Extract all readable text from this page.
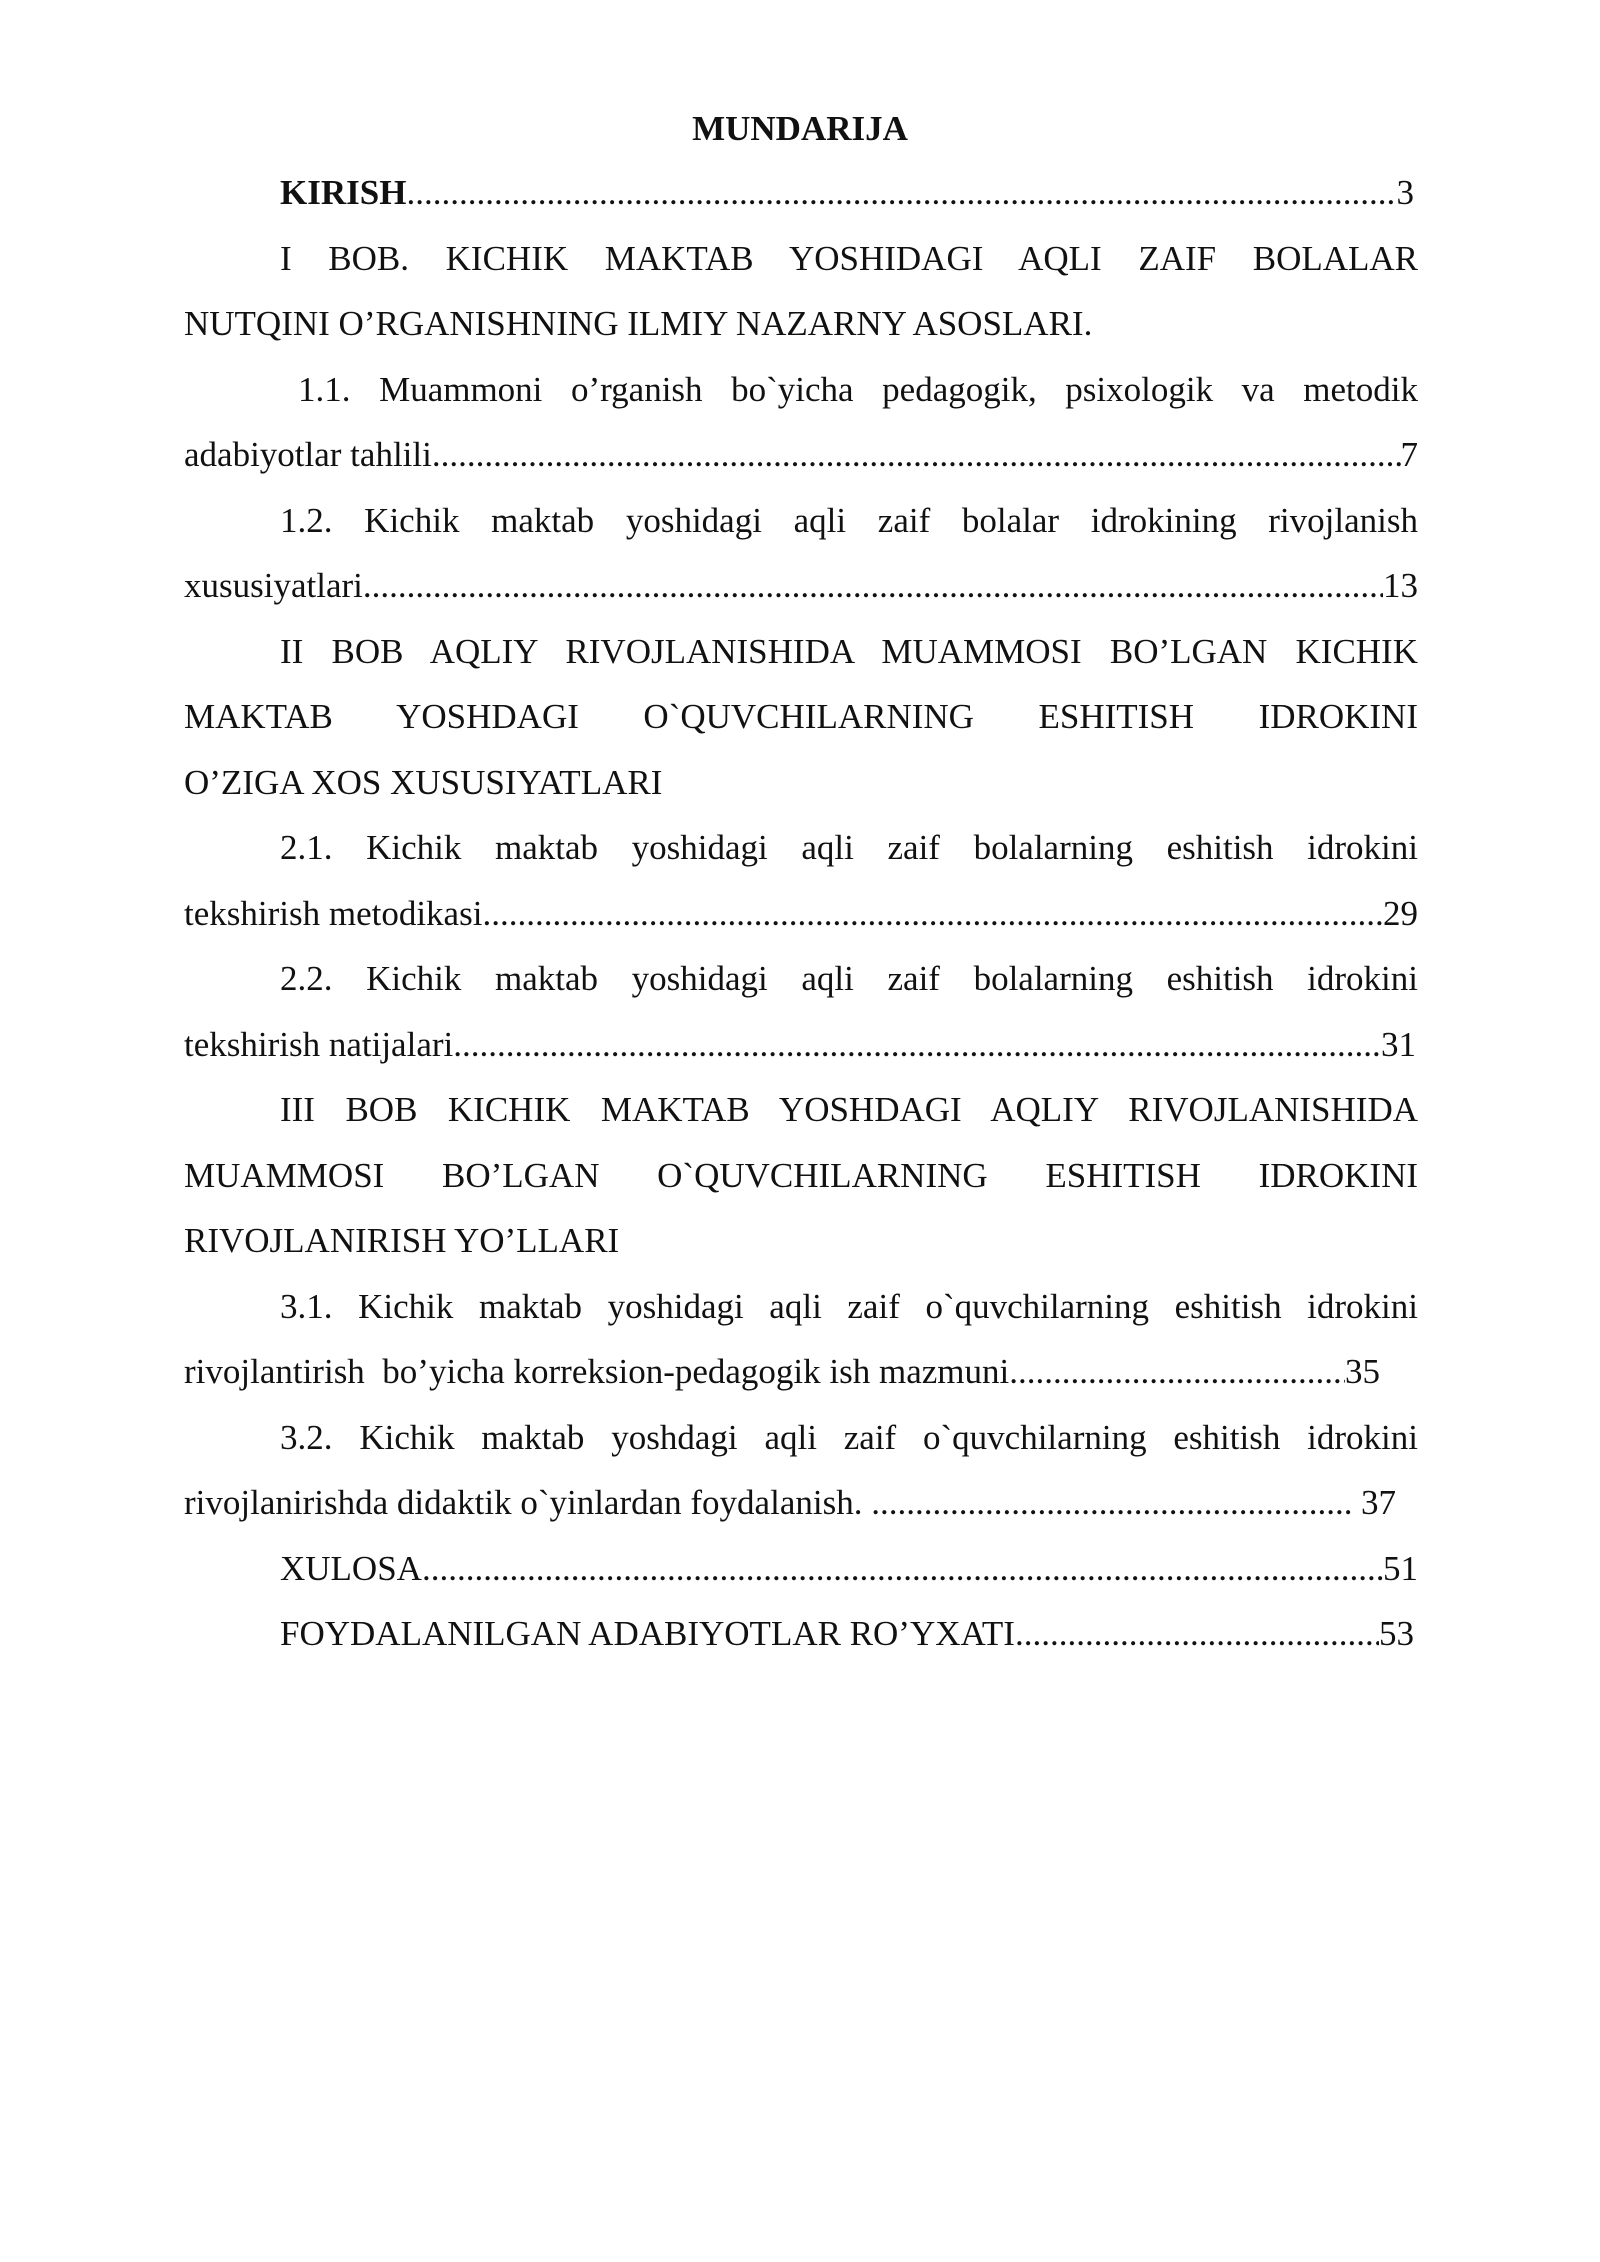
MUNDARIJA
KIRISH .....	3
I BOB. KICHIK MAKTAB YOSHIDAGI AQLI ZAIF BOLALAR
NUTQINI O’RGANISHNING ILMIY NAZARNY ASOSLARI.
1.1. Muammoni o’rganish bo`yicha pedagogik, psixologik va metodik
adabiyotlar tahlili .....	7
1.2. Kichik maktab yoshidagi aqli zaif bolalar idrokining rivojlanish
xususiyatlari .....	13
II BOB AQLIY RIVOJLANISHIDA MUAMMOSI BO’LGAN KICHIK
MAKTAB YOSHDAGI O`QUVCHILARNING ESHITISH IDROKINI
O’ZIGA XOS XUSUSIYATLARI
2.1. Kichik maktab yoshidagi aqli zaif bolalarning eshitish idrokini
tekshirish metodikasi .....	29
2.2. Kichik maktab yoshidagi aqli zaif bolalarning eshitish idrokini
tekshirish natijalari .....	31
III BOB KICHIK MAKTAB YOSHDAGI AQLIY RIVOJLANISHIDA
MUAMMOSI BO’LGAN O`QUVCHILARNING ESHITISH IDROKINI
RIVOJLANIRISH YO’LLARI
3.1. Kichik maktab yoshidagi aqli zaif o`quvchilarning eshitish idrokini
rivojlantirish  bo’yicha korreksion-pedagogik ish mazmuni .....	35
3.2. Kichik maktab yoshdagi aqli zaif o`quvchilarning eshitish idrokini
rivojlanirishda didaktik o`yinlardan foydalanish. .....	37
XULOSA .....	51
FOYDALANILGAN ADABIYOTLAR RO’YXATI .....	53
